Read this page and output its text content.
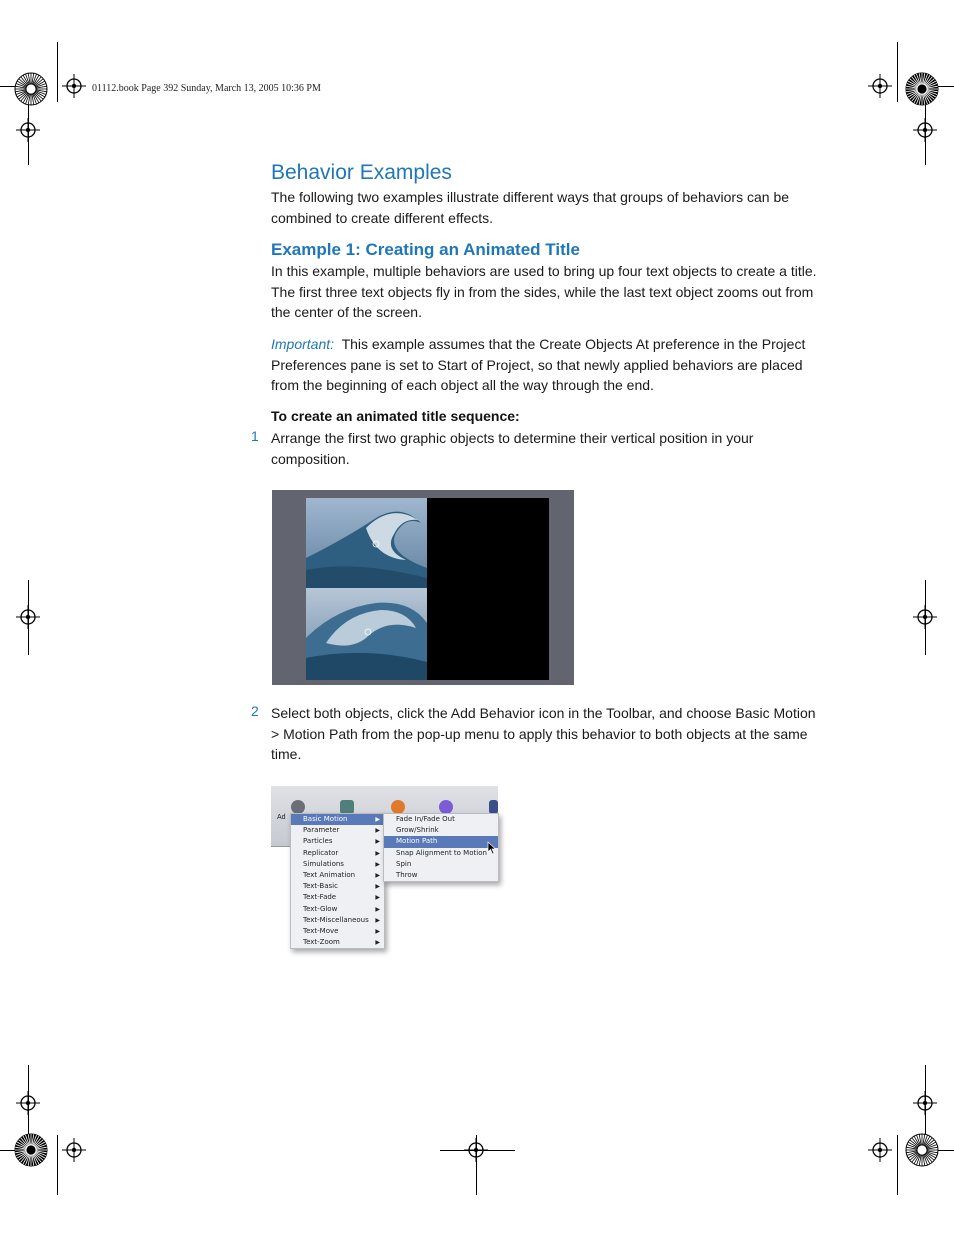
01112.book Page 392 Sunday, March 13, 2005 10:36 PM
Behavior Examples
The following two examples illustrate different ways that groups of behaviors can be combined to create different effects.
Example 1: Creating an Animated Title
In this example, multiple behaviors are used to bring up four text objects to create a title. The first three text objects fly in from the sides, while the last text object zooms out from the center of the screen.
Important: This example assumes that the Create Objects At preference in the Project Preferences pane is set to Start of Project, so that newly applied behaviors are placed from the beginning of each object all the way through the end.
To create an animated title sequence:
1 Arrange the first two graphic objects to determine their vertical position in your composition.
2 Select both objects, click the Add Behavior icon in the Toolbar, and choose Basic Motion > Motion Path from the pop-up menu to apply this behavior to both objects at the same time.
Ad	Basic Motion	▶
Parameter	▶
Particles	▶
Replicator	▶
Simulations	▶
Text Animation	▶
Text-Basic	▶
Text-Fade	▶
Text-Glow	▶
Text-Miscellaneous ▶
Text-Move	▶
Text-Zoom	▶
Fade In/Fade Out
Grow/Shrink
Motion Path
Snap Alignment to Motion
Spin
Throw
